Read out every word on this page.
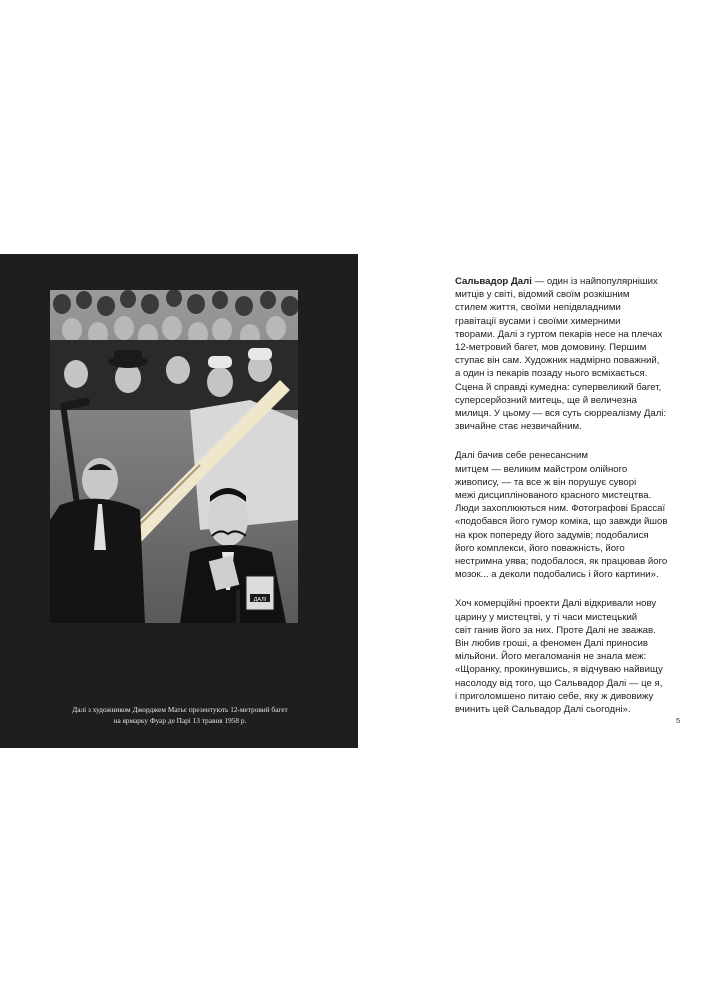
ДАЛІ
Далі з художником Джорджем Матьє презентують 12-метровий багет
на ярмарку Фуар де Парі 13 травня 1958 р.
Сальвадор Далі — один із найпопулярніших
митців у світі, відомий своїм розкішним
стилем життя, своїми непідвладними
гравітації вусами і своїми химерними
творами. Далі з гуртом пекарів несе на плечах
12-метровий багет, мов домовину. Першим
ступає він сам. Художник надмірно поважний,
а один із пекарів позаду нього всміхається.
Сцена й справді кумедна: супервеликий багет,
суперсерйозний митець, ще й величезна
милиця. У цьому — вся суть сюрреалізму Далі:
звичайне стає незвичайним.
Далі бачив себе ренесансним
митцем — великим майстром олійного
живопису, — та все ж він порушує суворі
межі дисциплінованого красного мистецтва.
Люди захоплюються ним. Фотографові Брассаї
«подобався його гумор коміка, що завжди йшов
на крок попереду його задумів; подобалися
його комплекси, його поважність, його
нестримна уява; подобалося, як працював його
мозок... а деколи подобались і його картини».
Хоч комерційні проекти Далі відкривали нову
царину у мистецтві, у ті часи мистецький
світ ганив його за них. Проте Далі не зважав.
Він любив гроші, а феномен Далі приносив
мільйони. Його мегаломанія не знала меж:
«Щоранку, прокинувшись, я відчуваю найвищу
насолоду від того, що Сальвадор Далі — це я,
і приголомшено питаю себе, яку ж дивовижу
вчинить цей Сальвадор Далі сьогодні».
5
